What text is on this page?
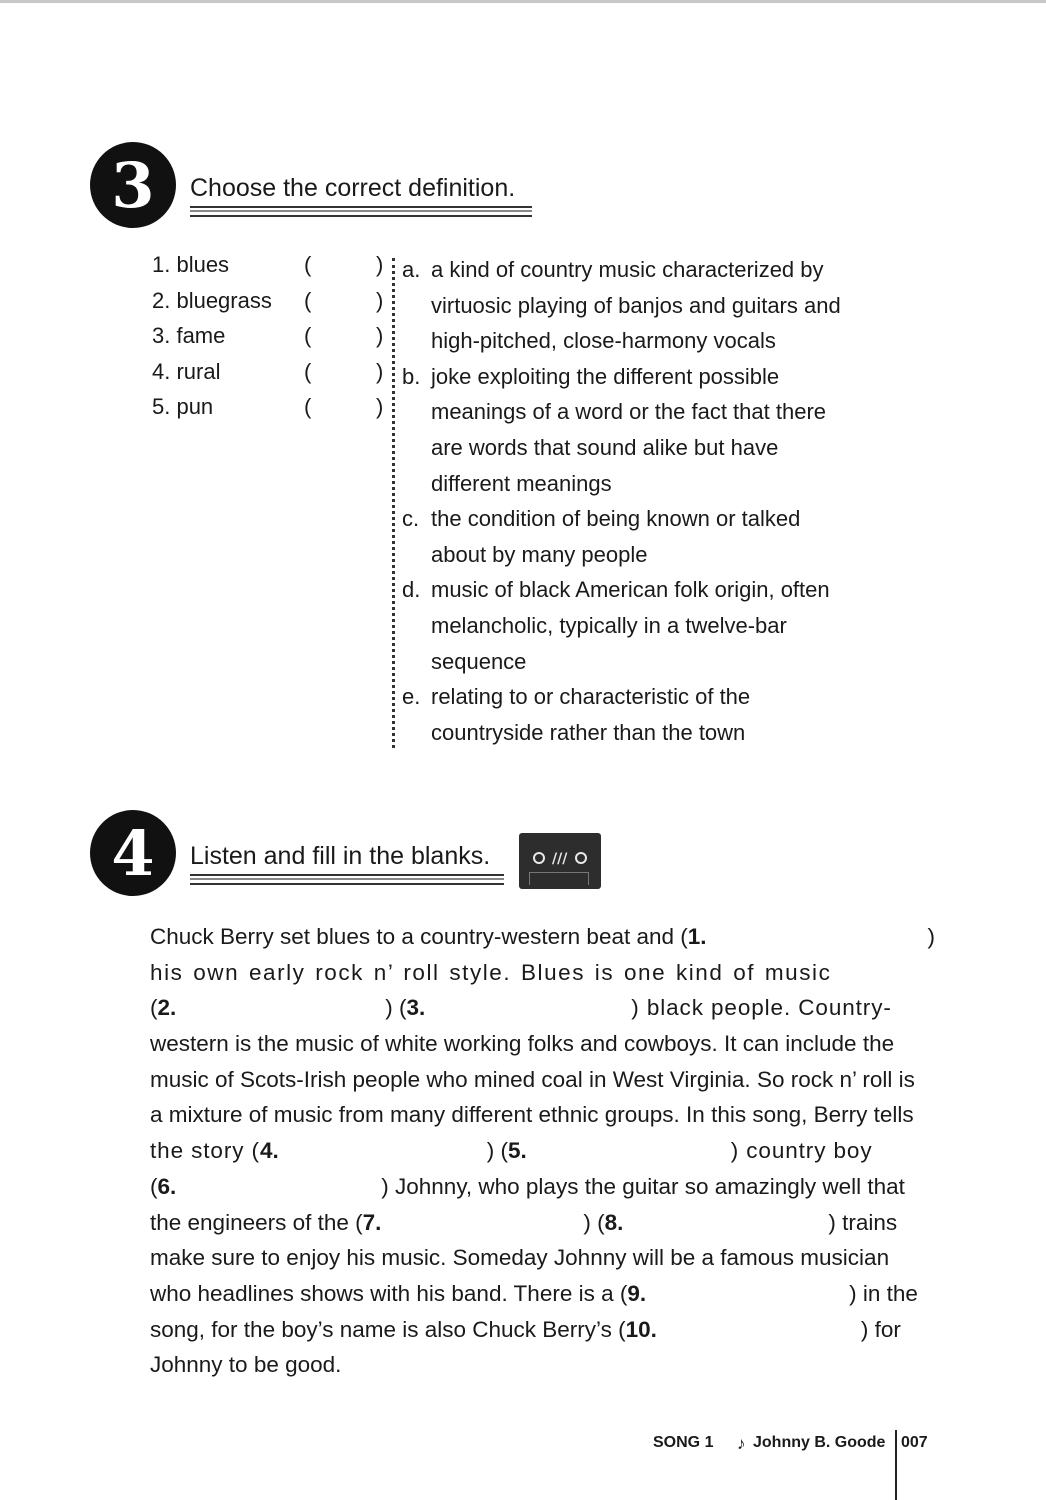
3 Choose the correct definition.
1. blues	(	)
2. bluegrass (	)
3. fame	(	)
4. rural	(	)
5. pun	(	)
a. a kind of country music characterized by
virtuosic playing of banjos and guitars and
high-pitched, close-harmony vocals
b. joke exploiting the different possible
meanings of a word or the fact that there
are words that sound alike but have
different meanings
c. the condition of being known or talked
about by many people
d. music of black American folk origin, often
melancholic, typically in a twelve-bar
sequence
e. relating to or characteristic of the
countryside rather than the town
4 Listen and fill in the blanks.	///
Chuck Berry set blues to a country-western beat and (1.	)
his own early rock n’ roll style. Blues is one kind of music
( 2.	) ( 3.	) black people. Country-
western is the music of white working folks and cowboys. It can include the
music of Scots-Irish people who mined coal in West Virginia. So rock n’ roll is
a mixture of music from many different ethnic groups. In this song, Berry tells
the story ( 4.	) ( 5.	) country boy
( 6.	) Johnny, who plays the guitar so amazingly well that
the engineers of the ( 7.	) ( 8.	) trains
make sure to enjoy his music. Someday Johnny will be a famous musician
who headlines shows with his band. There is a ( 9.	) in the
song, for the boy’s name is also Chuck Berry’s ( 10.	) for
Johnny to be good.
SONG 1 ♪ Johnny B. Goode 007
